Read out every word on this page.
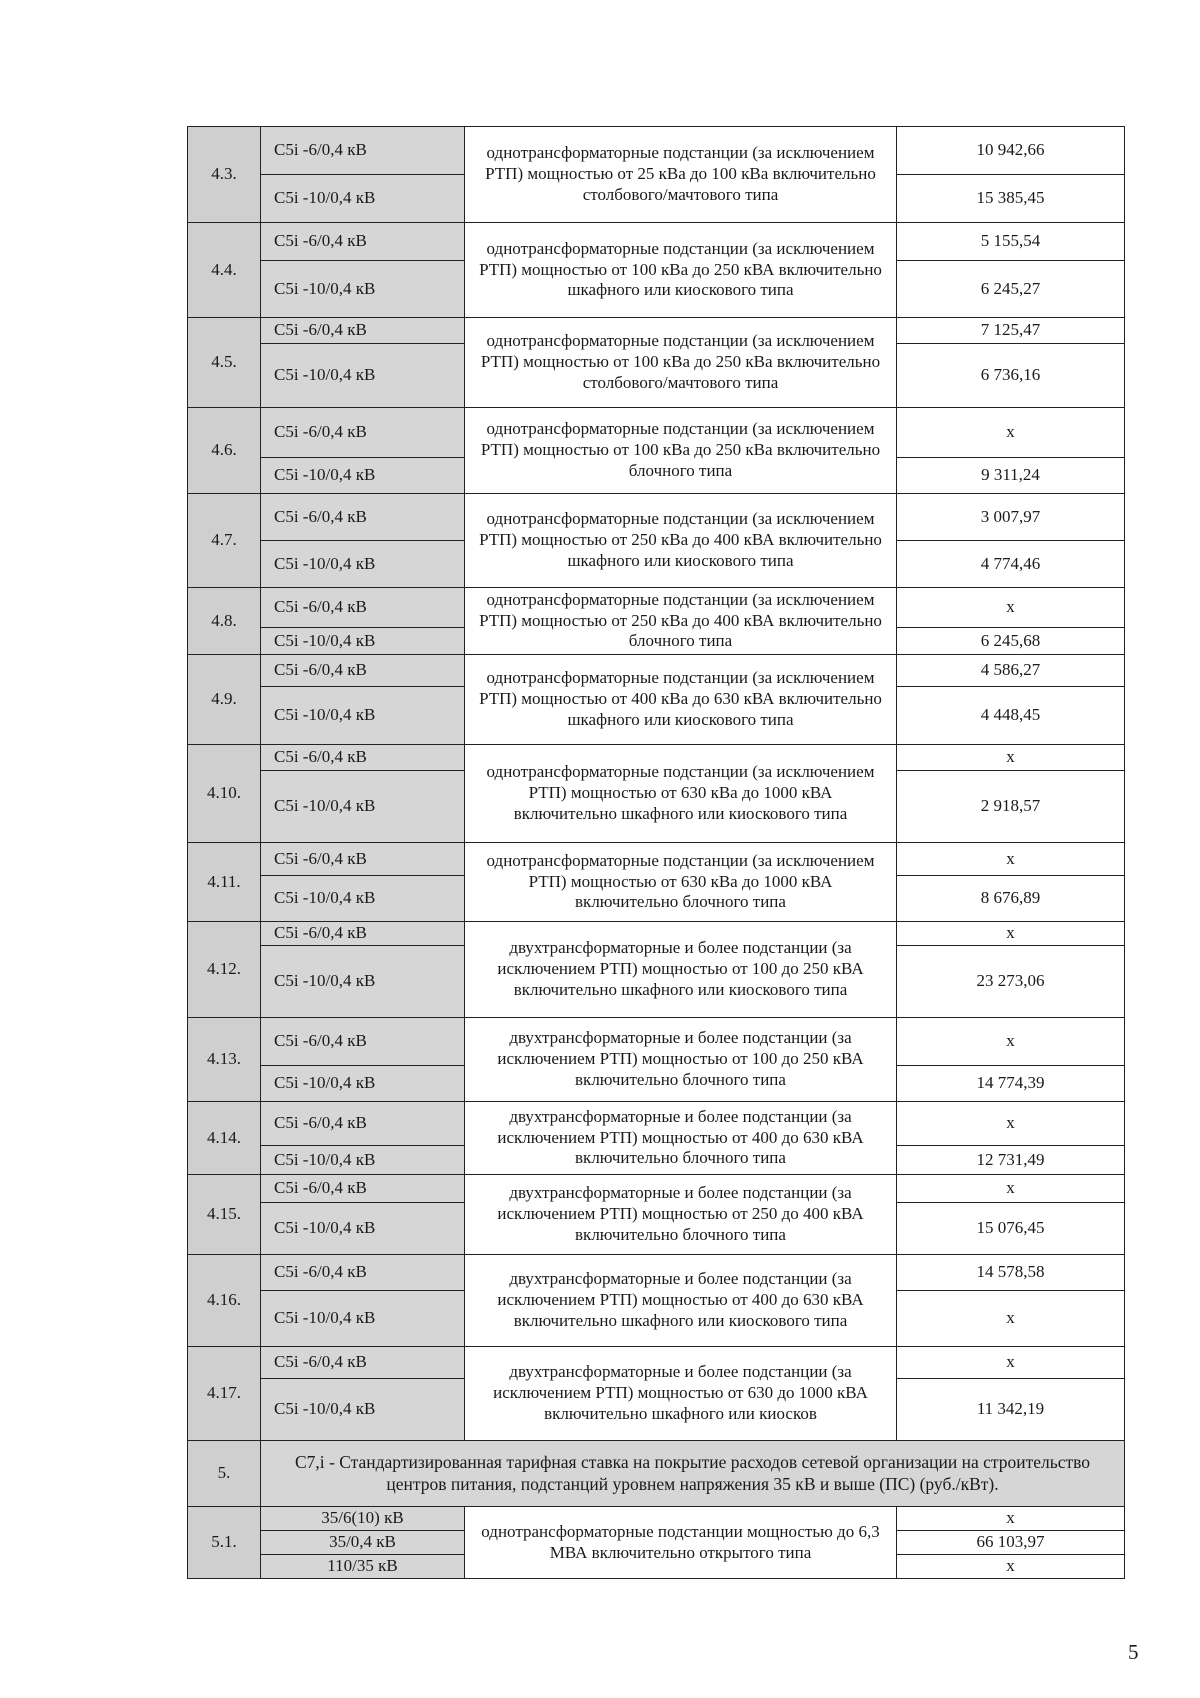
4.3.	C5i -6/0,4 кВ	однотрансформаторные подстанции (за исключением РТП) мощностью от 25 кВа до 100 кВа включительно столбового/мачтового типа	10 942,66
	C5i -10/0,4 кВ		15 385,45
4.4.	C5i -6/0,4 кВ	однотрансформаторные подстанции (за исключением РТП) мощностью от 100 кВа до 250 кВА включительно шкафного или киоскового типа	5 155,54
	C5i -10/0,4 кВ		6 245,27
4.5.	C5i -6/0,4 кВ	однотрансформаторные подстанции (за исключением РТП) мощностью от 100 кВа до 250 кВа включительно столбового/мачтового типа	7 125,47
	C5i -10/0,4 кВ		6 736,16
4.6.	C5i -6/0,4 кВ	однотрансформаторные подстанции (за исключением РТП) мощностью от 100 кВа до 250 кВа включительно блочного типа	x
	C5i -10/0,4 кВ		9 311,24
4.7.	C5i -6/0,4 кВ	однотрансформаторные подстанции (за исключением РТП) мощностью от 250 кВа до 400 кВА включительно шкафного или киоскового типа	3 007,97
	C5i -10/0,4 кВ		4 774,46
4.8.	C5i -6/0,4 кВ	однотрансформаторные подстанции (за исключением РТП) мощностью от 250 кВа до 400 кВА включительно блочного типа	x
	C5i -10/0,4 кВ		6 245,68
4.9.	C5i -6/0,4 кВ	однотрансформаторные подстанции (за исключением РТП) мощностью от 400 кВа до 630 кВА включительно шкафного или киоскового типа	4 586,27
	C5i -10/0,4 кВ		4 448,45
4.10.	C5i -6/0,4 кВ	однотрансформаторные подстанции (за исключением РТП) мощностью от 630 кВа до 1000 кВА включительно шкафного или киоскового типа	x
	C5i -10/0,4 кВ		2 918,57
4.11.	C5i -6/0,4 кВ	однотрансформаторные подстанции (за исключением РТП) мощностью от 630 кВа до 1000 кВА включительно блочного типа	x
	C5i -10/0,4 кВ		8 676,89
4.12.	C5i -6/0,4 кВ	двухтрансформаторные и более подстанции (за исключением РТП) мощностью от 100 до 250 кВА включительно шкафного или киоскового типа	x
	C5i -10/0,4 кВ		23 273,06
4.13.	C5i -6/0,4 кВ	двухтрансформаторные и более подстанции (за исключением РТП) мощностью от 100 до 250 кВА включительно блочного типа	x
	C5i -10/0,4 кВ		14 774,39
4.14.	C5i -6/0,4 кВ	двухтрансформаторные и более подстанции (за исключением РТП) мощностью от 400 до 630 кВА включительно блочного типа	x
	C5i -10/0,4 кВ		12 731,49
4.15.	C5i -6/0,4 кВ	двухтрансформаторные и более подстанции (за исключением РТП) мощностью от 250 до 400 кВА включительно блочного типа	x
	C5i -10/0,4 кВ		15 076,45
4.16.	C5i -6/0,4 кВ	двухтрансформаторные и более подстанции (за исключением РТП) мощностью от 400 до 630 кВА включительно шкафного или киоскового типа	14 578,58
	C5i -10/0,4 кВ		x
4.17.	C5i -6/0,4 кВ	двухтрансформаторные и более подстанции (за исключением РТП) мощностью от 630 до 1000 кВА включительно шкафного или киосков	x
	C5i -10/0,4 кВ		11 342,19
5.	С7,i - Стандартизированная тарифная ставка на покрытие расходов сетевой организации на строительство центров питания, подстанций уровнем напряжения 35 кВ и выше (ПС) (руб./кВт).		
5.1.	35/6(10) кВ	однотрансформаторные подстанции мощностью до 6,3 МВА включительно открытого типа	x
	35/0,4 кВ		66 103,97
	110/35 кВ		x
5
